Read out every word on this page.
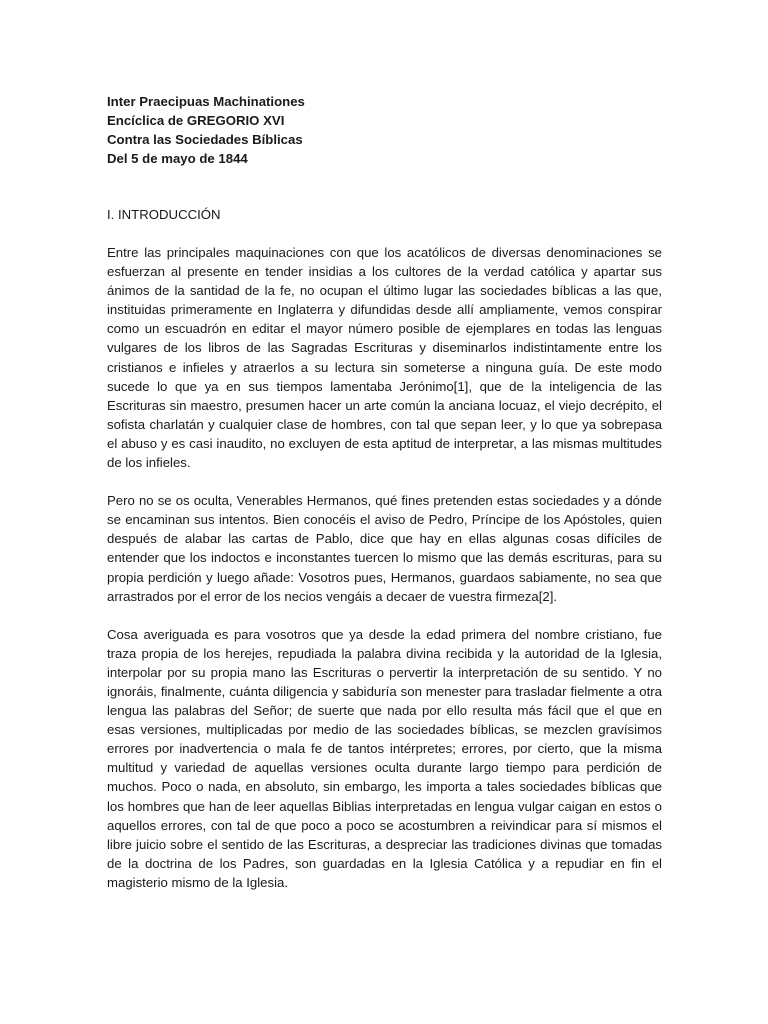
Inter Praecipuas Machinationes
Encíclica de GREGORIO XVI
Contra las Sociedades Bíblicas
Del 5 de mayo de 1844
I. INTRODUCCIÓN

Entre las principales maquinaciones con que los acatólicos de diversas denominaciones se esfuerzan al presente en tender insidias a los cultores de la verdad católica y apartar sus ánimos de la santidad de la fe, no ocupan el último lugar las sociedades bíblicas a las que, instituidas primeramente en Inglaterra y difundidas desde allí ampliamente, vemos conspirar como un escuadrón en editar el mayor número posible de ejemplares en todas las lenguas vulgares de los libros de las Sagradas Escrituras y diseminarlos indistintamente entre los cristianos e infieles y atraerlos a su lectura sin someterse a ninguna guía. De este modo sucede lo que ya en sus tiempos lamentaba Jerónimo[1], que de la inteligencia de las Escrituras sin maestro, presumen hacer un arte común la anciana locuaz, el viejo decrépito, el sofista charlatán y cualquier clase de hombres, con tal que sepan leer, y lo que ya sobrepasa el abuso y es casi inaudito, no excluyen de esta aptitud de interpretar, a las mismas multitudes de los infieles.

Pero no se os oculta, Venerables Hermanos, qué fines pretenden estas sociedades y a dónde se encaminan sus intentos. Bien conocéis el aviso de Pedro, Príncipe de los Apóstoles, quien después de alabar las cartas de Pablo, dice que hay en ellas algunas cosas difíciles de entender que los indoctos e inconstantes tuercen lo mismo que las demás escrituras, para su propia perdición y luego añade: Vosotros pues, Hermanos, guardaos sabiamente, no sea que arrastrados por el error de los necios vengáis a decaer de vuestra firmeza[2].

Cosa averiguada es para vosotros que ya desde la edad primera del nombre cristiano, fue traza propia de los herejes, repudiada la palabra divina recibida y la autoridad de la Iglesia, interpolar por su propia mano las Escrituras o pervertir la interpretación de su sentido. Y no ignoráis, finalmente, cuánta diligencia y sabiduría son menester para trasladar fielmente a otra lengua las palabras del Señor; de suerte que nada por ello resulta más fácil que el que en esas versiones, multiplicadas por medio de las sociedades bíblicas, se mezclen gravísimos errores por inadvertencia o mala fe de tantos intérpretes; errores, por cierto, que la misma multitud y variedad de aquellas versiones oculta durante largo tiempo para perdición de muchos. Poco o nada, en absoluto, sin embargo, les importa a tales sociedades bíblicas que los hombres que han de leer aquellas Biblias interpretadas en lengua vulgar caigan en estos o aquellos errores, con tal de que poco a poco se acostumbren a reivindicar para sí mismos el libre juicio sobre el sentido de las Escrituras, a despreciar las tradiciones divinas que tomadas de la doctrina de los Padres, son guardadas en la Iglesia Católica y a repudiar en fin el magisterio mismo de la Iglesia.
